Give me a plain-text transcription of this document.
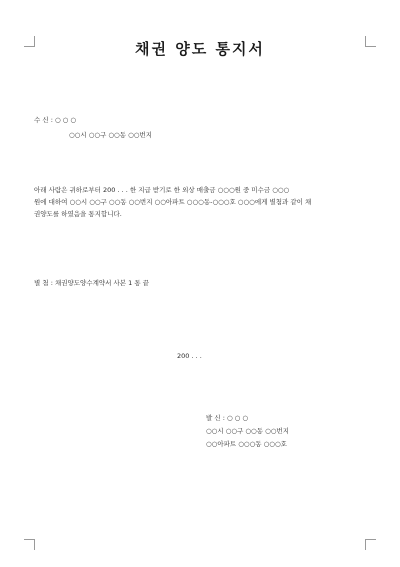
채권 양도 통지서
수 신 : ○ ○ ○
○○시 ○○구 ○○동 ○○번지
아래 사람은 귀하로부터 200 . . . 한 지급 받기로 한 외상 매출금 ○○○원 중 미수금 ○○○
원에 대하여 ○○시 ○○구 ○○동 ○○번지 ○○아파트 ○○○동-○○○호 ○○○에게 별첨과 같이 채
권양도를 하였음을 통지합니다.
별 첨 : 채권양도양수계약서 사본 1 통 끝
200 . . .
발 신 : ○ ○ ○
○○시 ○○구 ○○동 ○○번지
○○아파트 ○○○동 ○○○호
